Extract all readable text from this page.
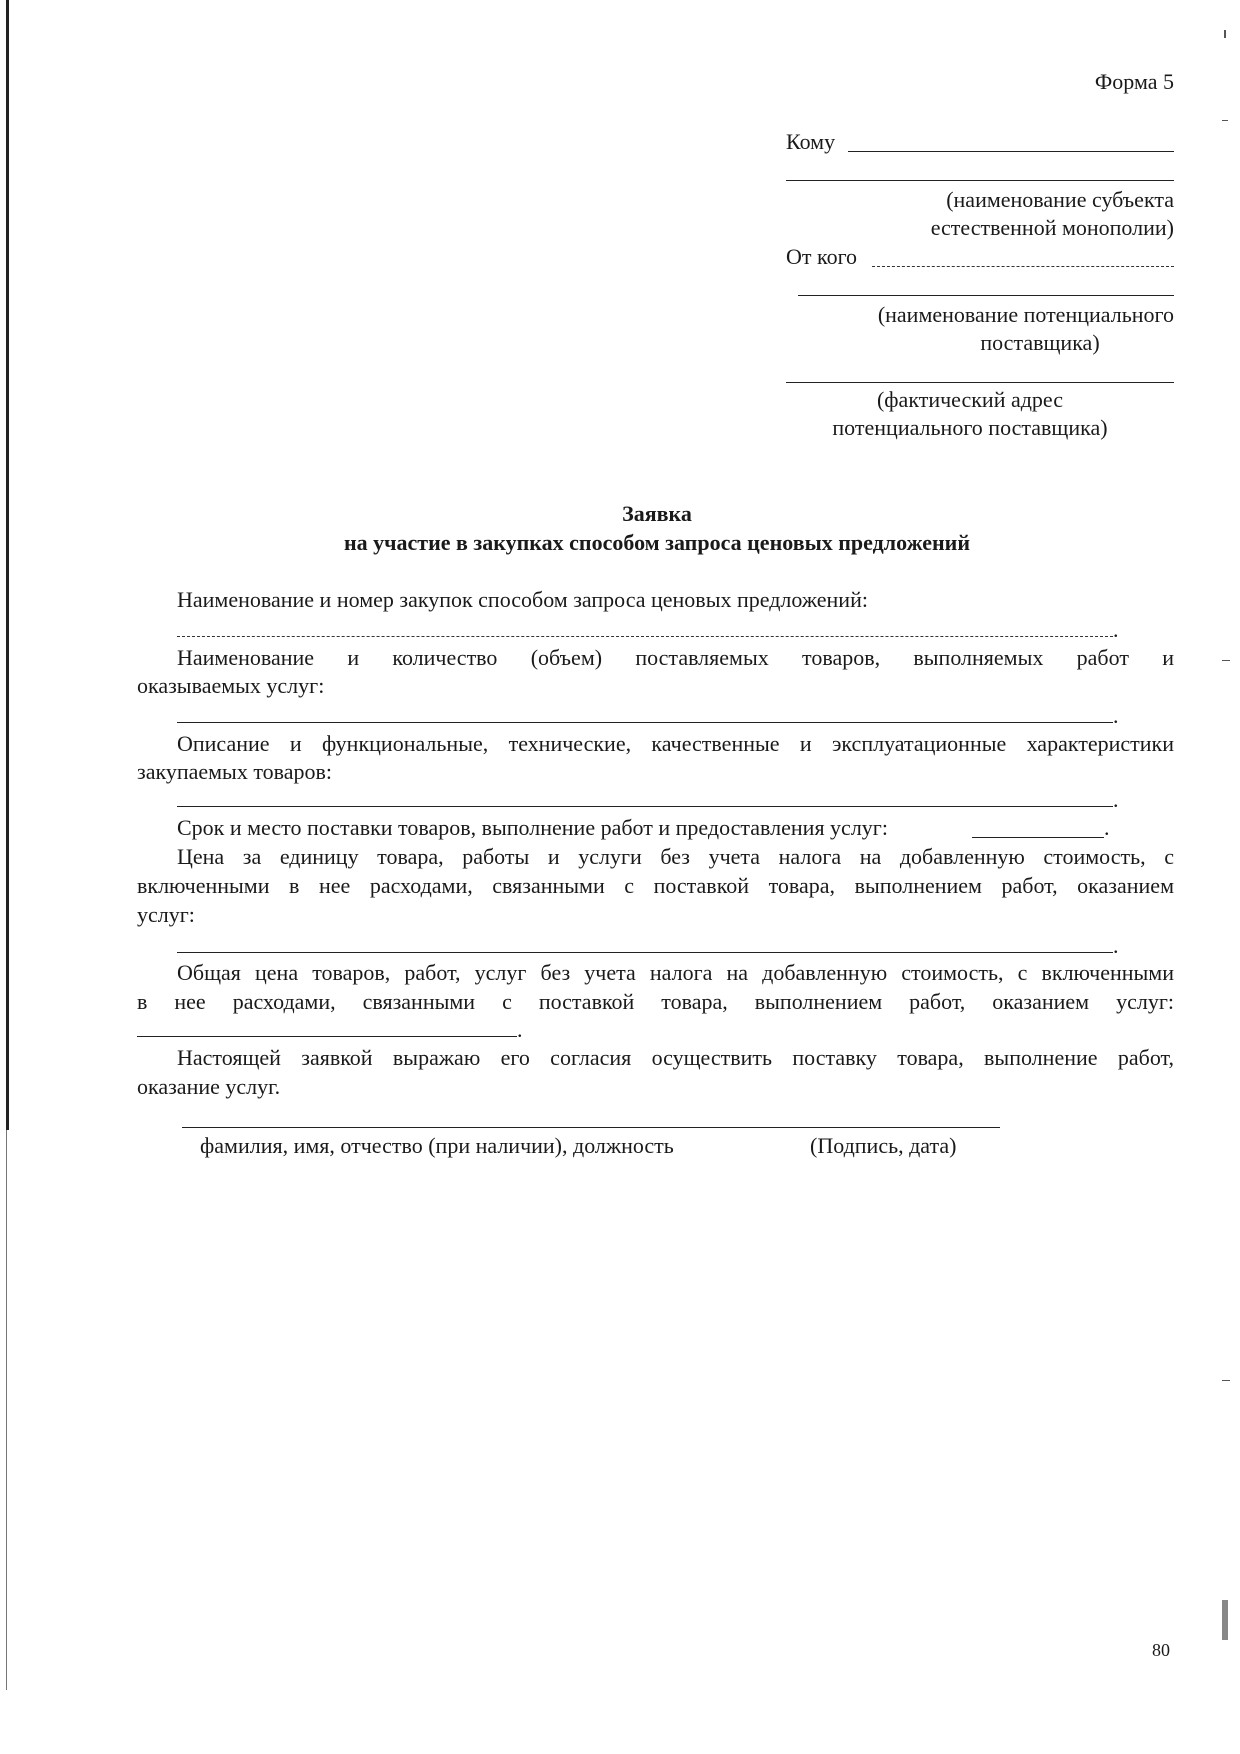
Форма 5
Кому
(наименование субъекта
естественной монополии)
От кого
(наименование потенциального
поставщика)
(фактический адрес
потенциального поставщика)
Заявка
на участие в закупках способом запроса ценовых предложений
Наименование и номер закупок способом запроса ценовых предложений:
.
Наименование и количество (объем) поставляемых товаров, выполняемых работ и
оказываемых услуг:
.
Описание и функциональные, технические, качественные и эксплуатационные характеристики
закупаемых товаров:
.
Срок и место поставки товаров, выполнение работ и предоставления услуг:	.
Цена за единицу товара, работы и услуги без учета налога на добавленную стоимость, с
включенными в нее расходами, связанными с поставкой товара, выполнением работ, оказанием
услуг:
.
Общая цена товаров, работ, услуг без учета налога на добавленную стоимость, с включенными
в нее расходами, связанными с поставкой товара, выполнением работ, оказанием услуг:
.
Настоящей заявкой выражаю его согласия осуществить поставку товара, выполнение работ,
оказание услуг.
фамилия, имя, отчество (при наличии), должность	(Подпись, дата)
80
